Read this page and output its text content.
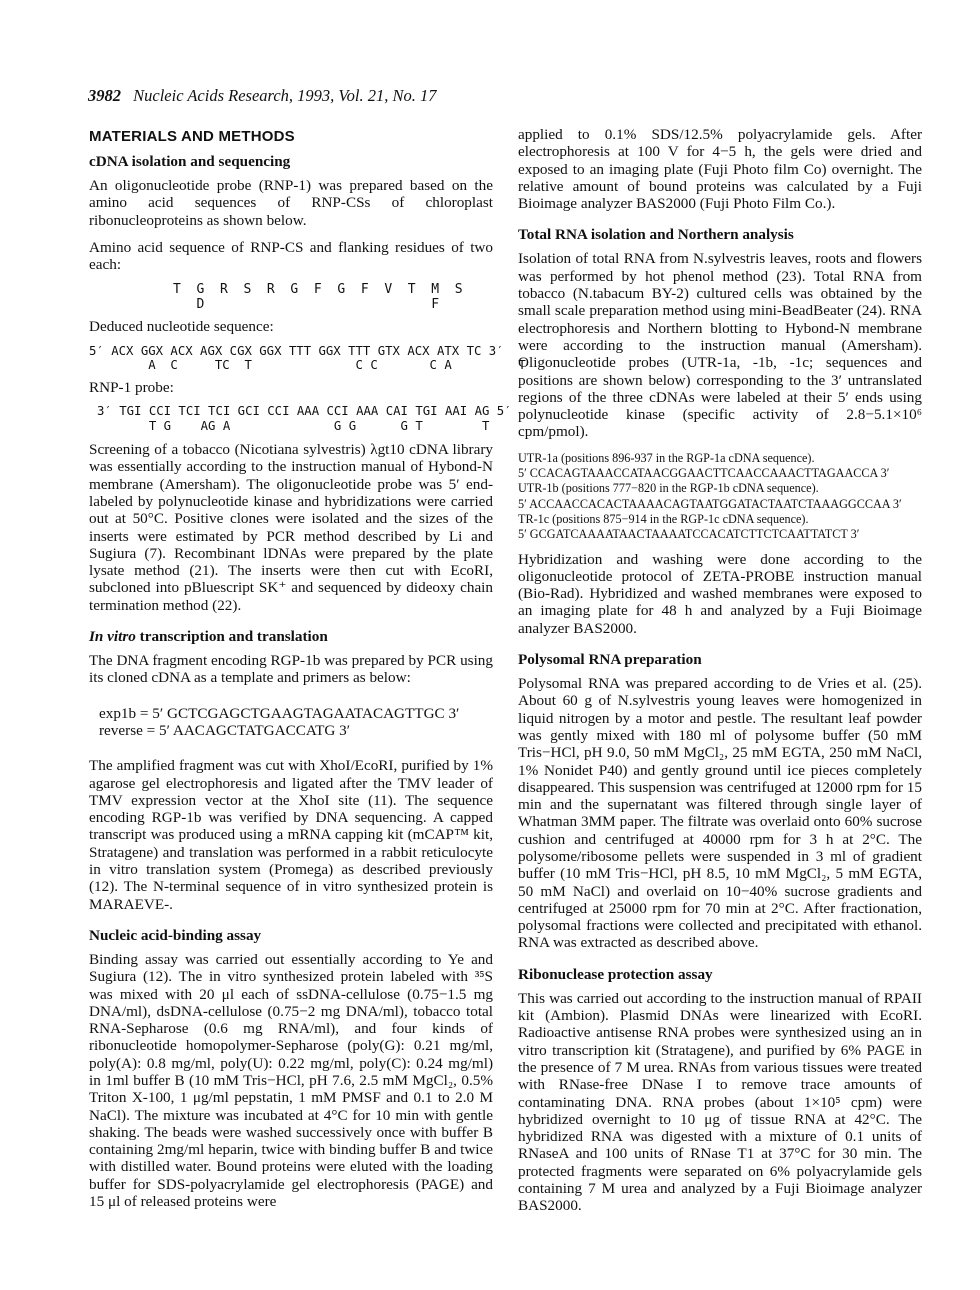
3982 Nucleic Acids Research, 1993, Vol. 21, No. 17
MATERIALS AND METHODS
cDNA isolation and sequencing

An oligonucleotide probe (RNP-1) was prepared based on the amino acid sequences of RNP-CSs of chloroplast ribonucleoproteins as shown below.

Amino acid sequence of RNP-CS and flanking residues of two each:

T  G  R  S  R  G  F  G  F  V  T  M  S
D                             F

Deduced nucleotide sequence:

5′ ACX GGX ACX AGX CGX GGX TTT GGX TTT GTX ACX ATX TC 3′
A  C     TC  T              C C       C A         T

RNP-1 probe:

3′ TGI CCI TCI TCI GCI CCI AAA CCI AAA CAI TGI AAI AG 5′
T G    AG A              G G      G T        T

Screening of a tobacco (Nicotiana sylvestris) λgt10 cDNA library was essentially according to the instruction manual of Hybond-N membrane (Amersham). The oligonucleotide probe was 5′ end-labeled by polynucleotide kinase and hybridizations were carried out at 50°C. Positive clones were isolated and the sizes of the inserts were estimated by PCR method described by Li and Sugiura (7). Recombinant lDNAs were prepared by the plate lysate method (21). The inserts were then cut with EcoRI, subcloned into pBluescript SK⁺ and sequenced by dideoxy chain termination method (22).

In vitro transcription and translation

The DNA fragment encoding RGP-1b was prepared by PCR using its cloned cDNA as a template and primers as below:

exp1b = 5′ GCTCGAGCTGAAGTAGAATACAGTTGC 3′
reverse = 5′ AACAGCTATGACCATG 3′

The amplified fragment was cut with XhoI/EcoRI, purified by 1% agarose gel electrophoresis and ligated after the TMV leader of TMV expression vector at the XhoI site (11). The sequence encoding RGP-1b was verified by DNA sequencing. A capped transcript was produced using a mRNA capping kit (mCAP™ kit, Stratagene) and translation was performed in a rabbit reticulocyte in vitro translation system (Promega) as described previously (12). The N-terminal sequence of in vitro synthesized protein is MARAEVE-.

Nucleic acid-binding assay

Binding assay was carried out essentially according to Ye and Sugiura (12). The in vitro synthesized protein labeled with ³⁵S was mixed with 20 μl each of ssDNA-cellulose (0.75−1.5 mg DNA/ml), dsDNA-cellulose (0.75−2 mg DNA/ml), tobacco total RNA-Sepharose (0.6 mg RNA/ml), and four kinds of ribonucleotide homopolymer-Sepharose (poly(G): 0.21 mg/ml, poly(A): 0.8 mg/ml, poly(U): 0.22 mg/ml, poly(C): 0.24 mg/ml) in 1ml buffer B (10 mM Tris−HCl, pH 7.6, 2.5 mM MgCl₂, 0.5% Triton X-100, 1 μg/ml pepstatin, 1 mM PMSF and 0.1 to 2.0 M NaCl). The mixture was incubated at 4°C for 10 min with gentle shaking. The beads were washed successively once with buffer B containing 2mg/ml heparin, twice with binding buffer B and twice with distilled water. Bound proteins were eluted with the loading buffer for SDS-polyacrylamide gel electrophoresis (PAGE) and 15 μl of released proteins were

applied to 0.1% SDS/12.5% polyacrylamide gels. After electrophoresis at 100 V for 4−5 h, the gels were dried and exposed to an imaging plate (Fuji Photo film Co) overnight. The relative amount of bound proteins was calculated by a Fuji Bioimage analyzer BAS2000 (Fuji Photo Film Co.).

Total RNA isolation and Northern analysis

Isolation of total RNA from N.sylvestris leaves, roots and flowers was performed by hot phenol method (23). Total RNA from tobacco (N.tabacum BY-2) cultured cells was obtained by the small scale preparation method using mini-BeadBeater (24). RNA electrophoresis and Northern blotting to Hybond-N membrane were according to the instruction manual (Amersham). Oligonucleotide probes (UTR-1a, -1b, -1c; sequences and positions are shown below) corresponding to the 3′ untranslated regions of the three cDNAs were labeled at their 5′ ends using polynucleotide kinase (specific activity of 2.8−5.1×10⁶ cpm/pmol).

UTR-1a (positions 896-937 in the RGP-1a cDNA sequence).
5′ CCACAGTAAACCATAACGGAACTTCAACCAAACTTAGAACCA 3′
UTR-1b (positions 777−820 in the RGP-1b cDNA sequence).
5′ ACCAACCACACTAAAACAGTAATGGATACTAATCTAAAGGCCAA 3′
TR-1c (positions 875−914 in the RGP-1c cDNA sequence).
5′ GCGATCAAAATAACTAAAATCCACATCTTCTCAATTATCT 3′

Hybridization and washing were done according to the oligonucleotide protocol of ZETA-PROBE instruction manual (Bio-Rad). Hybridized and washed membranes were exposed to an imaging plate for 48 h and analyzed by a Fuji Bioimage analyzer BAS2000.

Polysomal RNA preparation

Polysomal RNA was prepared according to de Vries et al. (25). About 60 g of N.sylvestris young leaves were homogenized in liquid nitrogen by a motor and pestle. The resultant leaf powder was gently mixed with 180 ml of polysome buffer (50 mM Tris−HCl, pH 9.0, 50 mM MgCl₂, 25 mM EGTA, 250 mM NaCl, 1% Nonidet P40) and gently ground until ice pieces completely disappeared. This suspension was centrifuged at 12000 rpm for 15 min and the supernatant was filtered through single layer of Whatman 3MM paper. The filtrate was overlaid onto 60% sucrose cushion and centrifuged at 40000 rpm for 3 h at 2°C. The polysome/ribosome pellets were suspended in 3 ml of gradient buffer (10 mM Tris−HCl, pH 8.5, 10 mM MgCl₂, 5 mM EGTA, 50 mM NaCl) and overlaid on 10−40% sucrose gradients and centrifuged at 25000 rpm for 70 min at 2°C. After fractionation, polysomal fractions were collected and precipitated with ethanol. RNA was extracted as described above.

Ribonuclease protection assay

This was carried out according to the instruction manual of RPAII kit (Ambion). Plasmid DNAs were linearized with EcoRI. Radioactive antisense RNA probes were synthesized using an in vitro transcription kit (Stratagene), and purified by 6% PAGE in the presence of 7 M urea. RNAs from various tissues were treated with RNase-free DNase I to remove trace amounts of contaminating DNA. RNA probes (about 1×10⁵ cpm) were hybridized overnight to 10 μg of tissue RNA at 42°C. The hybridized RNA was digested with a mixture of 0.1 units of RNaseA and 100 units of RNase T1 at 37°C for 30 min. The protected fragments were separated on 6% polyacrylamide gels containing 7 M urea and analyzed by a Fuji Bioimage analyzer BAS2000.
